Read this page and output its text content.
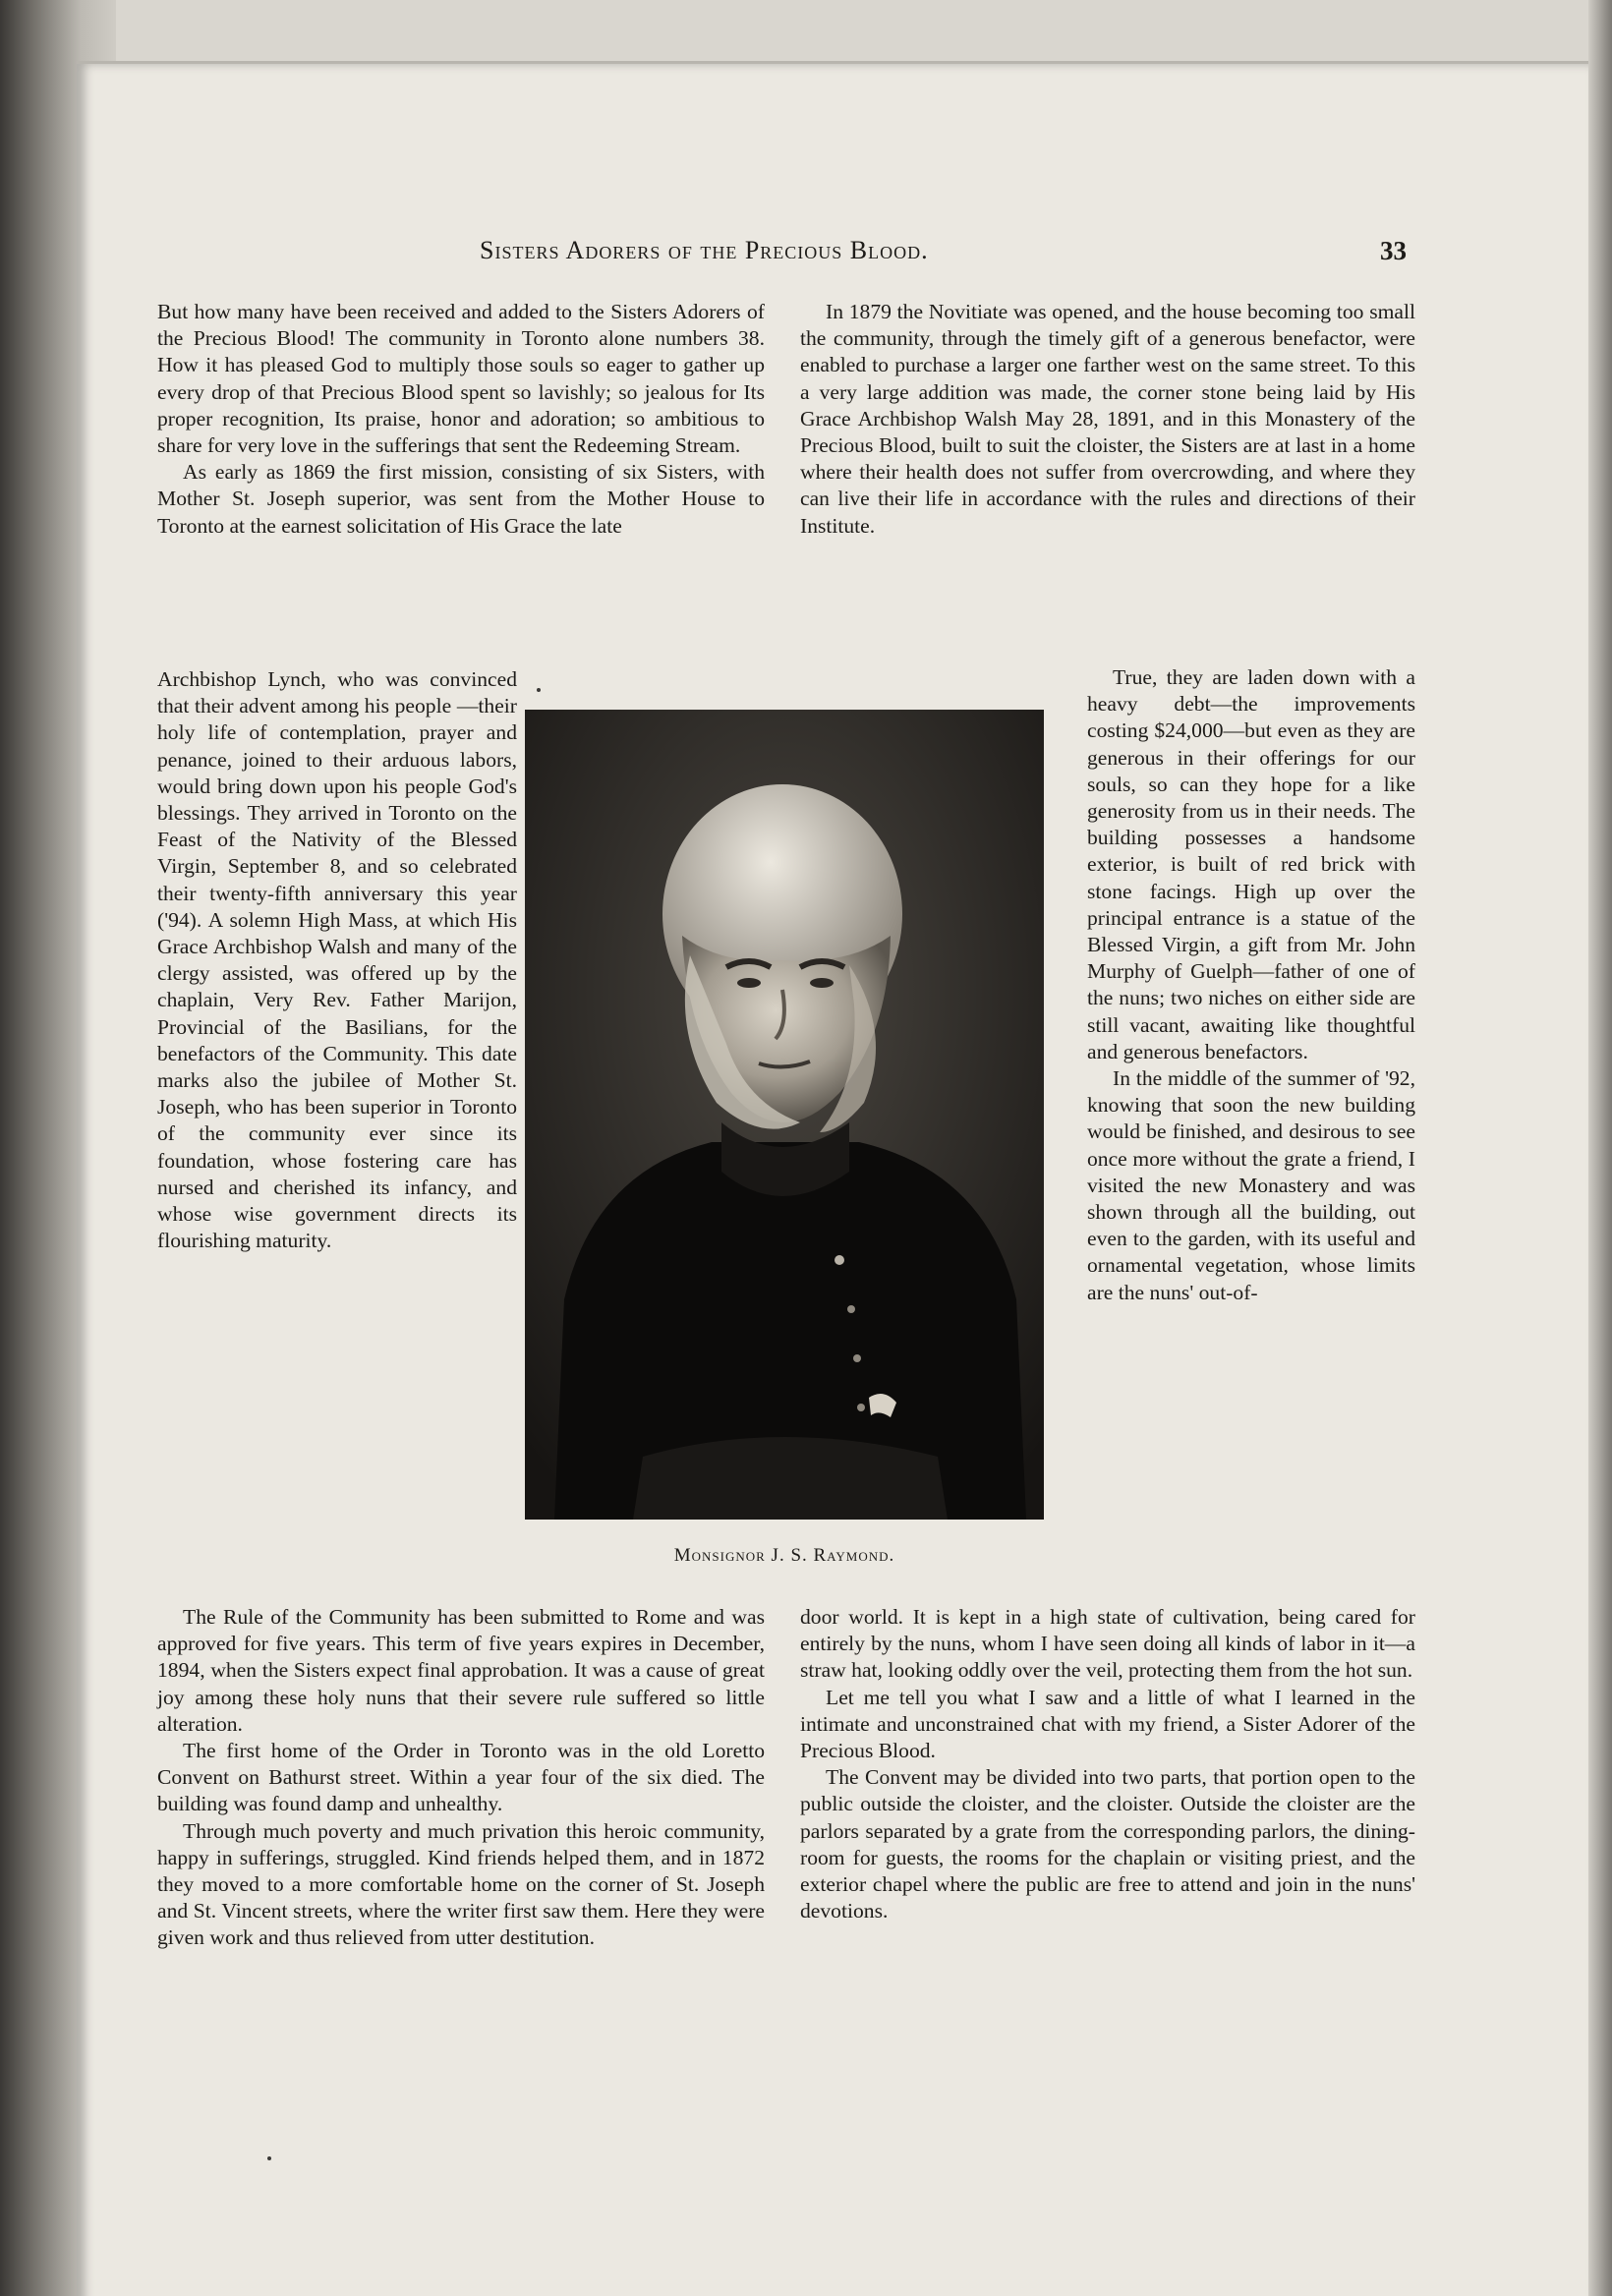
Sisters Adorers of the Precious Blood.	33

But how many have been received and added to the Sisters Adorers of the Precious Blood! The community in Toronto alone numbers 38. How it has pleased God to multiply those souls so eager to gather up every drop of that Precious Blood spent so lavishly; so jealous for Its proper recognition, Its praise, honor and adoration; so ambitious to share for very love in the sufferings that sent the Redeeming Stream.

As early as 1869 the first mission, consisting of six Sisters, with Mother St. Joseph superior, was sent from the Mother House to Toronto at the earnest solicitation of His Grace the late

Archbishop Lynch, who was convinced that their advent among his people —their holy life of contemplation, prayer and penance, joined to their arduous labors, would bring down upon his people God's blessings. They arrived in Toronto on the Feast of the Nativity of the Blessed Virgin, September 8, and so celebrated their twenty-fifth anniversary this year ('94). A solemn High Mass, at which His Grace Archbishop Walsh and many of the clergy assisted, was offered up by the chaplain, Very Rev. Father Marijon, Provincial of the Basilians, for the benefactors of the Community. This date marks also the jubilee of Mother St. Joseph, who has been superior in Toronto of the community ever since its foundation, whose fostering care has nursed and cherished its infancy, and whose wise government directs its flourishing maturity.

The Rule of the Community has been submitted to Rome and was approved for five years. This term of five years expires in December, 1894, when the Sisters expect final approbation. It was a cause of great joy among these holy nuns that their severe rule suffered so little alteration.

The first home of the Order in Toronto was in the old Loretto Convent on Bathurst street. Within a year four of the six died. The building was found damp and unhealthy.

Through much poverty and much privation this heroic community, happy in sufferings, struggled. Kind friends helped them, and in 1872 they moved to a more comfortable home on the corner of St. Joseph and St. Vincent streets, where the writer first saw them. Here they were given work and thus relieved from utter destitution.

In 1879 the Novitiate was opened, and the house becoming too small the community, through the timely gift of a generous benefactor, were enabled to purchase a larger one farther west on the same street. To this a very large addition was made, the corner stone being laid by His Grace Archbishop Walsh May 28, 1891, and in this Monastery of the Precious Blood, built to suit the cloister, the Sisters are at last in a home where their health does not suffer from overcrowding, and where they can live their life in accordance with the rules and directions of their Institute.

True, they are laden down with a heavy debt—the improvements costing $24,000—but even as they are generous in their offerings for our souls, so can they hope for a like generosity from us in their needs. The building possesses a handsome exterior, is built of red brick with stone facings. High up over the principal entrance is a statue of the Blessed Virgin, a gift from Mr. John Murphy of Guelph—father of one of the nuns; two niches on either side are still vacant, awaiting like thoughtful and generous benefactors.

In the middle of the summer of '92, knowing that soon the new building would be finished, and desirous to see once more without the grate a friend, I visited the new Monastery and was shown through all the building, out even to the garden, with its useful and ornamental vegetation, whose limits are the nuns' out-of-

door world. It is kept in a high state of cultivation, being cared for entirely by the nuns, whom I have seen doing all kinds of labor in it—a straw hat, looking oddly over the veil, protecting them from the hot sun.

Let me tell you what I saw and a little of what I learned in the intimate and unconstrained chat with my friend, a Sister Adorer of the Precious Blood.

The Convent may be divided into two parts, that portion open to the public outside the cloister, and the cloister. Outside the cloister are the parlors separated by a grate from the corresponding parlors, the dining-room for guests, the rooms for the chaplain or visiting priest, and the exterior chapel where the public are free to attend and join in the nuns' devotions.

Monsignor J. S. Raymond.
